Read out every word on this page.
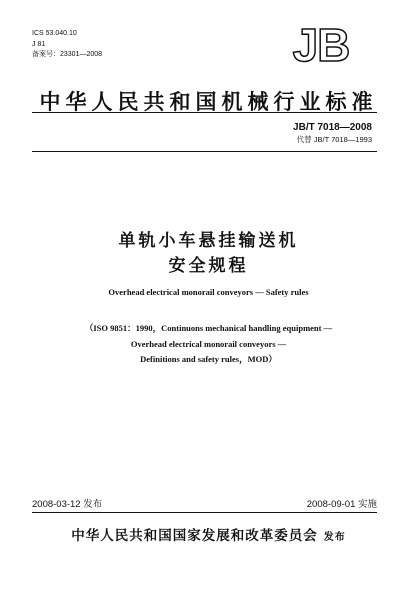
ICS 53.040.10
J 81
备案号：23301—2008	JB
中华人民共和国机械行业标准
JB/T 7018—2008
代替 JB/T 7018—1993
单轨小车悬挂输送机
安全规程
Overhead electrical monorail conveyors — Safety rules
（ISO 9851：1990，Continuons mechanical handling equipment —
Overhead electrical monorail conveyors —
Definitions and safety rules，MOD）
2008-03-12 发布	2008-09-01 实施
中华人民共和国国家发展和改革委员会 发布
